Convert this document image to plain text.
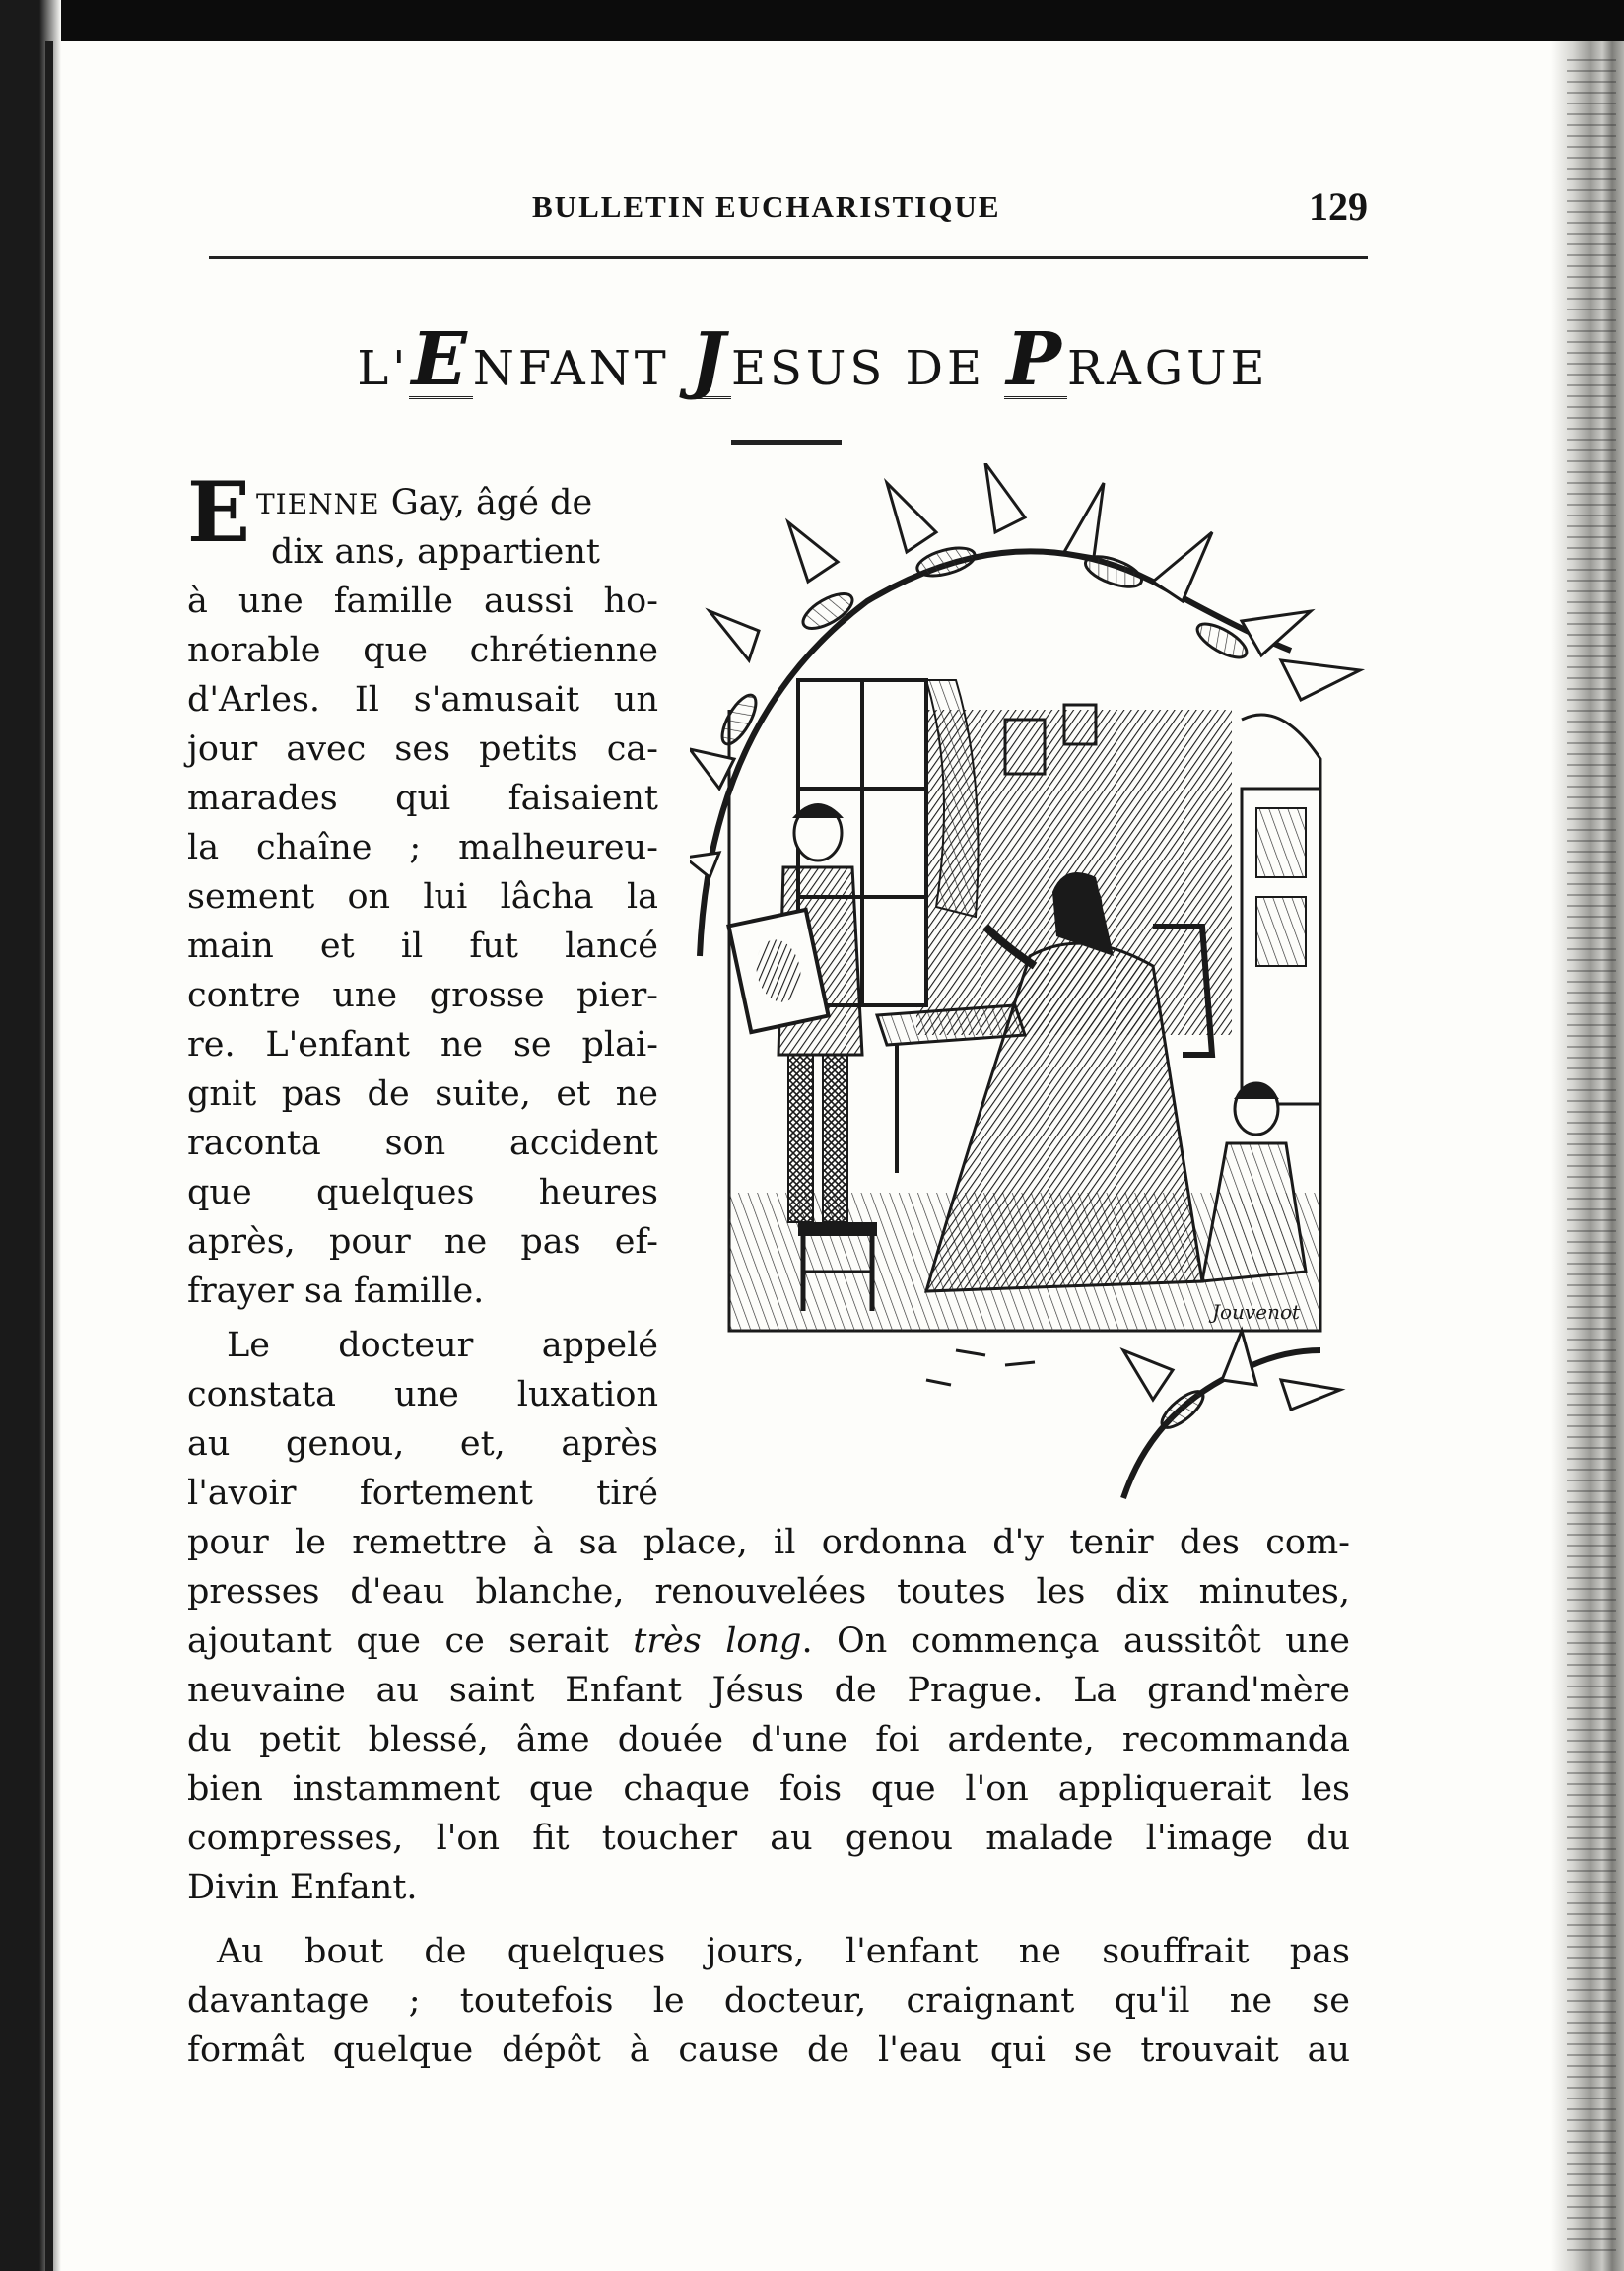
BULLETIN EUCHARISTIQUE	129
L'ENFANT JESUS DE PRAGUE
E TIENNE Gay, âgé de
dix ans, appartient
à une famille aussi ho-
norable que chrétienne
d'Arles. Il s'amusait un
jour avec ses petits ca-
marades qui faisaient
la chaîne ; malheureu-
sement on lui lâcha la
main et il fut lancé
contre une grosse pier-
re. L'enfant ne se plai-
gnit pas de suite, et ne
raconta son accident
que quelques heures
après, pour ne pas ef-
frayer sa famille.
Le docteur appelé
constata une luxation
au genou, et, après
l'avoir fortement tiré
pour le remettre à sa place, il ordonna d'y tenir des com-
presses d'eau blanche, renouvelées toutes les dix minutes,
ajoutant que ce serait très long. On commença aussitôt une
neuvaine au saint Enfant Jésus de Prague. La grand'mère
du petit blessé, âme douée d'une foi ardente, recommanda
bien instamment que chaque fois que l'on appliquerait les
compresses, l'on fit toucher au genou malade l'image du
Divin Enfant.
Au bout de quelques jours, l'enfant ne souffrait pas
davantage ; toutefois le docteur, craignant qu'il ne se
formât quelque dépôt à cause de l'eau qui se trouvait au
Jouvenot
